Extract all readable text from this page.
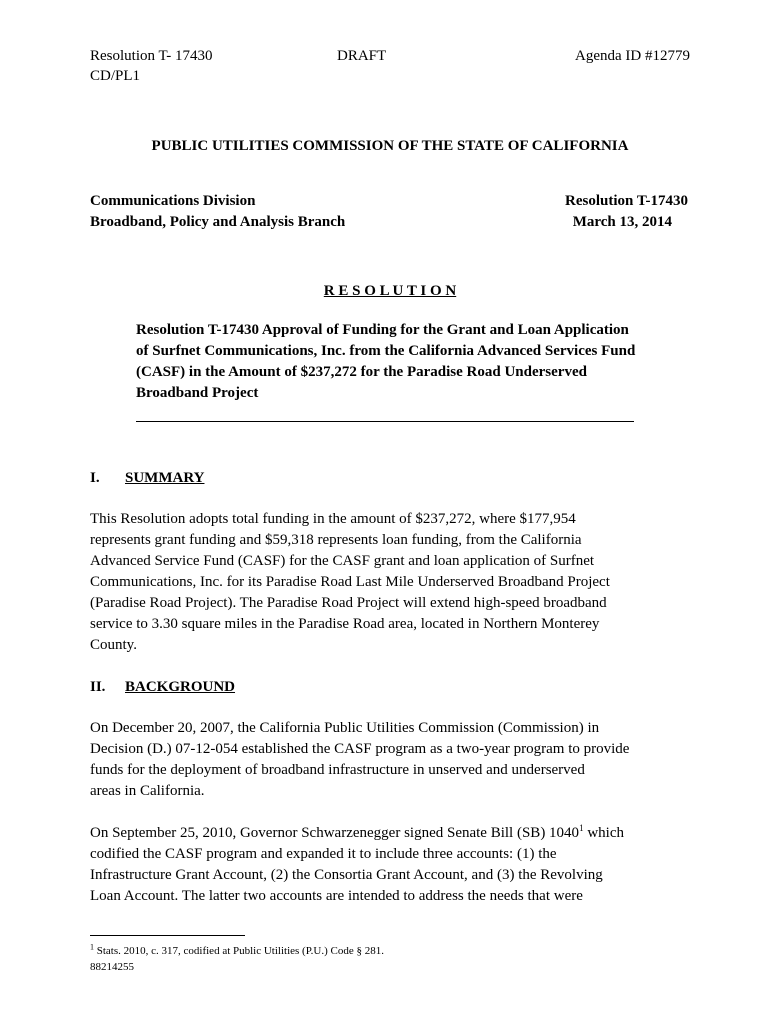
Resolution T- 17430
CD/PL1
DRAFT	Agenda ID #12779
PUBLIC UTILITIES COMMISSION OF THE STATE OF CALIFORNIA
Communications Division
Broadband, Policy and Analysis Branch
Resolution T-17430
March 13, 2014
R E S O L U T I O N
Resolution T-17430 Approval of Funding for the Grant and Loan Application
of Surfnet Communications, Inc. from the California Advanced Services Fund
(CASF) in the Amount of $237,272 for the Paradise Road Underserved
Broadband Project
I. SUMMARY

This Resolution adopts total funding in the amount of $237,272, where $177,954

represents grant funding and $59,318 represents loan funding, from the California

Advanced Service Fund (CASF) for the CASF grant and loan application of Surfnet

Communications, Inc. for its Paradise Road Last Mile Underserved Broadband Project

(Paradise Road Project). The Paradise Road Project will extend high-speed broadband

service to 3.30 square miles in the Paradise Road area, located in Northern Monterey

County.

II. BACKGROUND

On December 20, 2007, the California Public Utilities Commission (Commission) in

Decision (D.) 07-12-054 established the CASF program as a two-year program to provide

funds for the deployment of broadband infrastructure in unserved and underserved

areas in California.

On September 25, 2010, Governor Schwarzenegger signed Senate Bill (SB) 1040$^1$ which

codified the CASF program and expanded it to include three accounts: (1) the

Infrastructure Grant Account, (2) the Consortia Grant Account, and (3) the Revolving

Loan Account. The latter two accounts are intended to address the needs that were

$^1$ Stats. 2010, c. 317, codified at Public Utilities (P.U.) Code § 281.
88214255
